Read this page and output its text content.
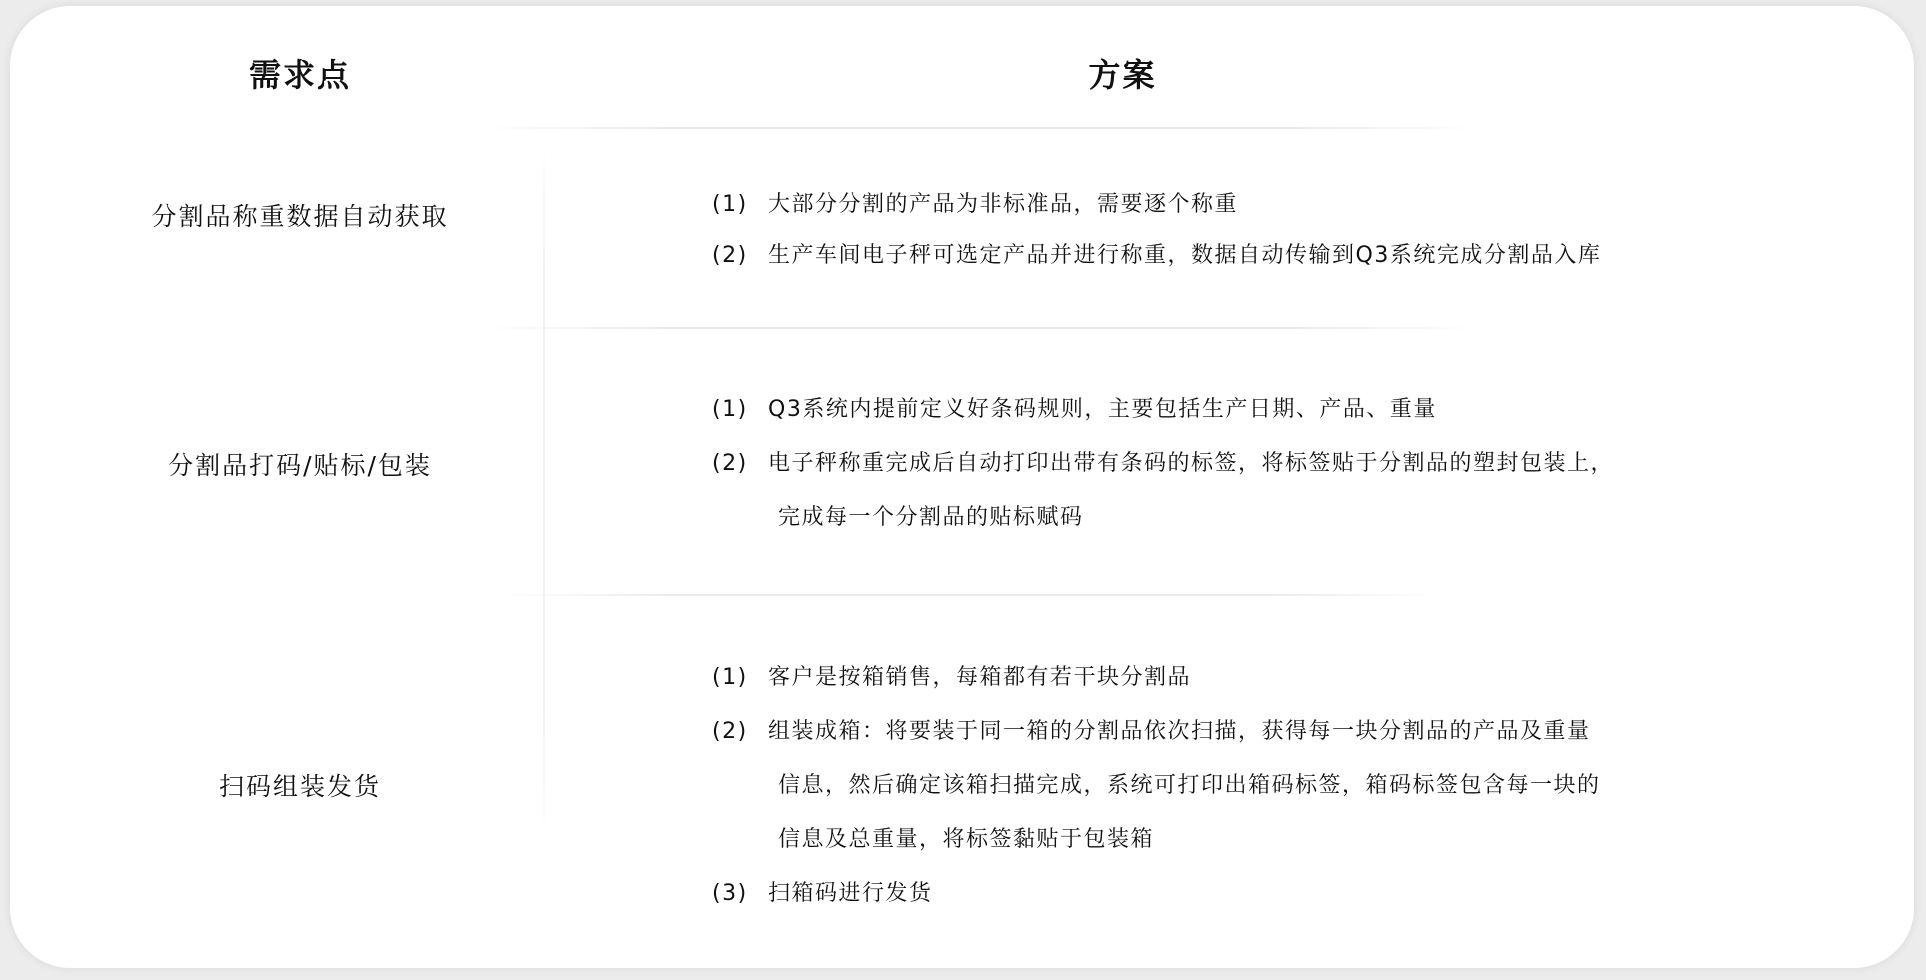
需求点	方案
分割品称重数据自动获取	(1) 大部分分割的产品为非标准品，需要逐个称重
(2) 生产车间电子秤可选定产品并进行称重，数据自动传输到Q3系统完成分割品入库
分割品打码/贴标/包装
(1) Q3系统内提前定义好条码规则，主要包括生产日期、产品、重量
(2) 电子秤称重完成后自动打印出带有条码的标签，将标签贴于分割品的塑封包装上，
完成每一个分割品的贴标赋码
扫码组装发货
(1) 客户是按箱销售，每箱都有若干块分割品
(2) 组装成箱：将要装于同一箱的分割品依次扫描，获得每一块分割品的产品及重量
信息，然后确定该箱扫描完成，系统可打印出箱码标签，箱码标签包含每一块的
信息及总重量，将标签黏贴于包装箱
(3) 扫箱码进行发货
